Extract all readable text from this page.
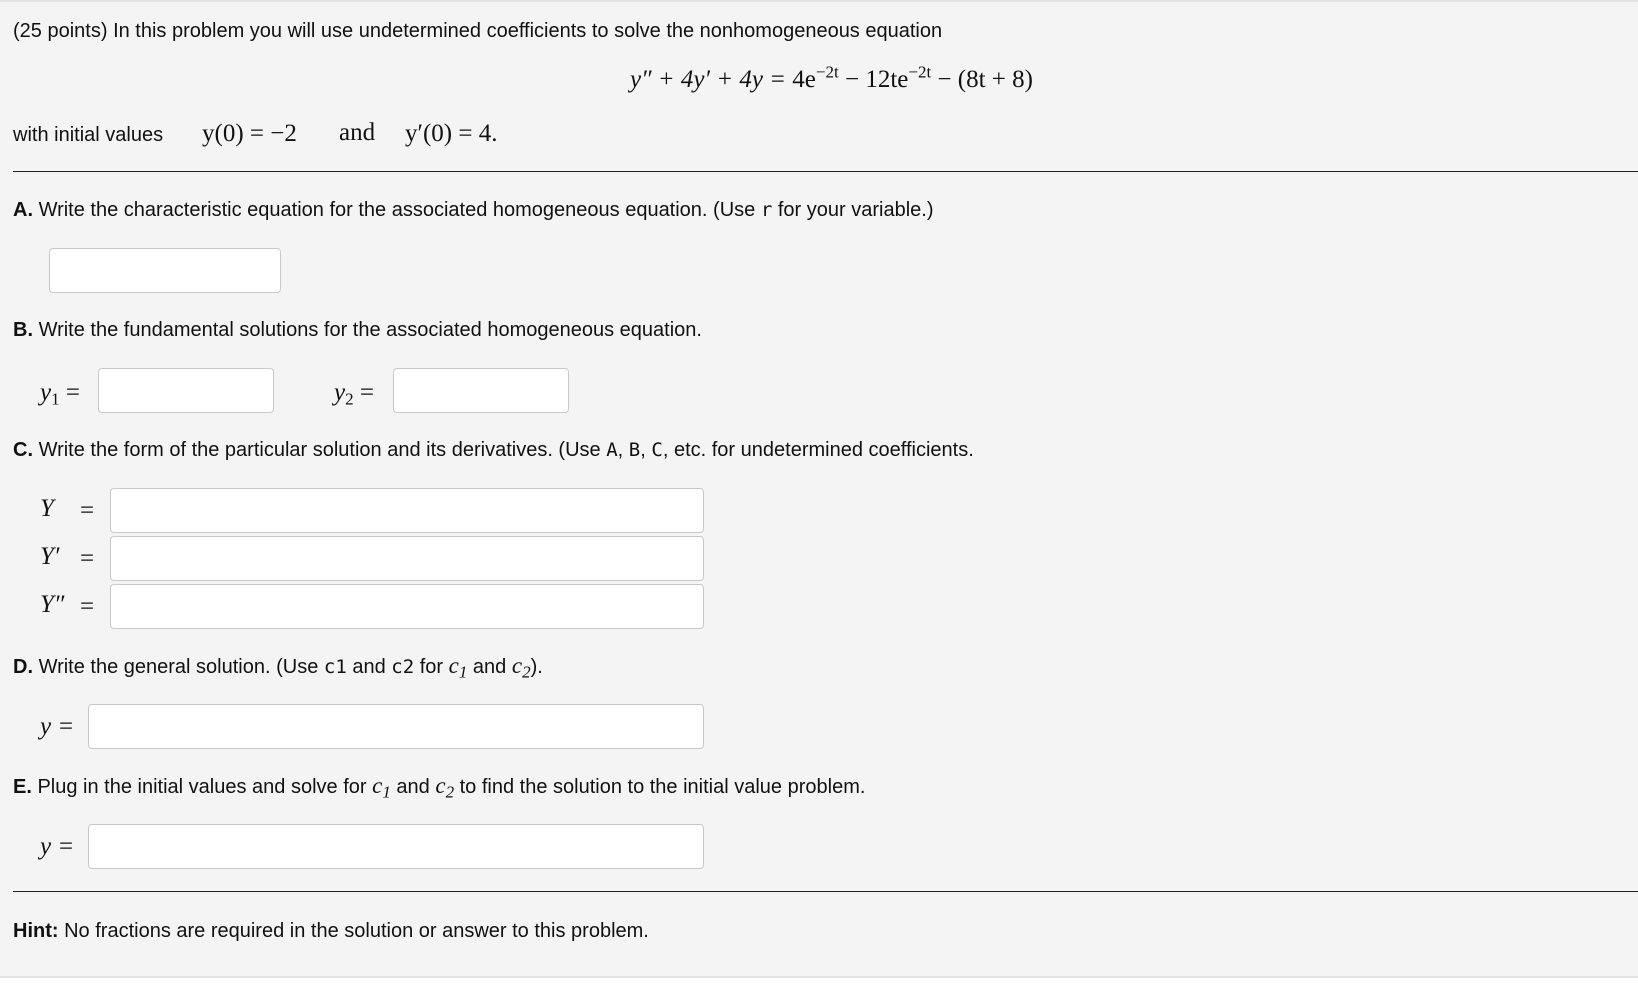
(25 points) In this problem you will use undetermined coefficients to solve the nonhomogeneous equation
$y'' + 4y' + 4y = 4e^{-2t} - 12te^{-2t} - (8t + 8)$
with initial values y(0) = −2 and y′(0) = 4.
A. Write the characteristic equation for the associated homogeneous equation. (Use r for your variable.)
B. Write the fundamental solutions for the associated homogeneous equation.
$y_1$ =	$y_2$ =
C. Write the form of the particular solution and its derivatives. (Use A, B, C, etc. for undetermined coefficients.
Y =
Y′ =
Y″ =
D. Write the general solution. (Use c1 and c2 for $c_1$ and $c_2$).
y =
E. Plug in the initial values and solve for $c_1$ and $c_2$ to find the solution to the initial value problem.
y =
Hint: No fractions are required in the solution or answer to this problem.
